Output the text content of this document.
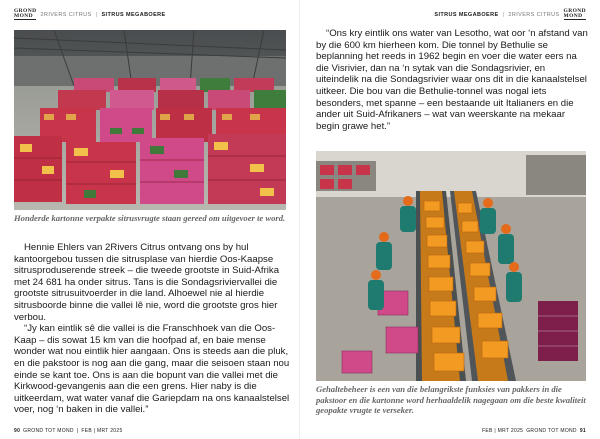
GROND
MOND	2RIVERS CITRUS | SITRUS MEGABOERE
Honderde kartonne verpakte sitrusvrugte staan gereed om uitgevoer te word.

Hennie Ehlers van 2Rivers Citrus ontvang ons by hul kantoorgebou tussen die sitrusplase van hierdie Oos-Kaapse sitrusproduserende streek – die tweede grootste in Suid-Afrika met 24 681 ha onder sitrus. Tans is die Sondagsriviervallei die grootste sitrusuitvoerder in die land. Alhoewel nie al hierdie sitrusboorde binne die vallei lê nie, word die grootste gros hier verbou.

“Jy kan eintlik sê die vallei is die Franschhoek van die Oos-Kaap – dis sowat 15 km van die hoofpad af, en baie mense wonder wat nou eintlik hier aangaan. Ons is steeds aan die pluk, en die pakstoor is nog aan die gang, maar die seisoen staan nou einde se kant toe. Ons is aan die bopunt van die vallei met die Kirkwood-gevangenis aan die een grens. Hier naby is die uitkeerdam, wat water vanaf die Gariepdam na ons kanaalstelsel voer, nog ‘n baken in die vallei.”

90 GROND TOT MOND | FEB | MRT 2025
SITRUS MEGABOERE | 2RIVERS CITRUS
GROND
MOND

“Ons kry eintlik ons water van Lesotho, wat oor ‘n afstand van by die 600 km hierheen kom. Die tonnel by Bethulie se beplanning het reeds in 1962 begin en voer die water eers na die Visrivier, dan na ‘n sytak van die Sondagsrivier, en uiteindelik na die Sondagsrivier waar ons dit in die kanaalstelsel uitkeer. Die bou van die Bethulie-tonnel was nogal iets besonders, met spanne – een bestaande uit Italianers en die ander uit Suid-Afrikaners – wat van weerskante na mekaar begin grawe het.”

Gehaltebeheer is een van die belangrikste funksies van pakkers in die pakstoor en die kartonne word herhaaldelik nagegaan om die beste kwaliteit geopakte vrugte te verseker.
FEB | MRT 2025 GROND TOT MOND 91
